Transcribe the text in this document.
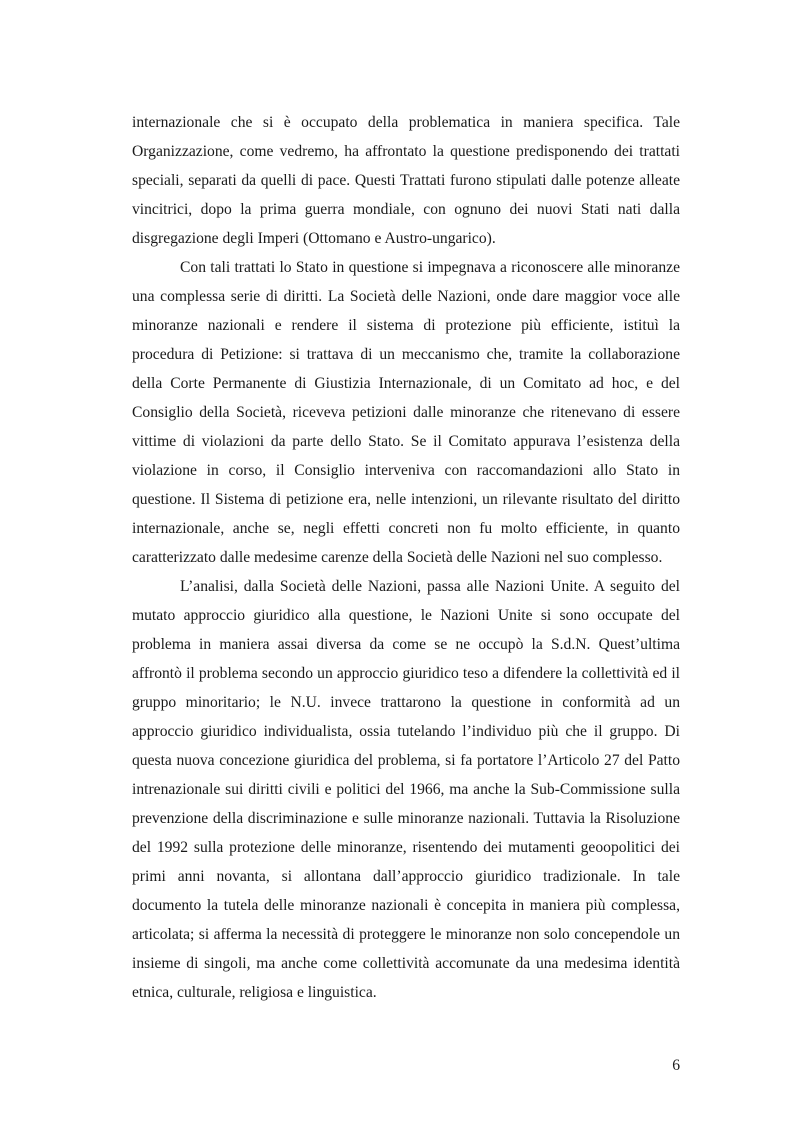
internazionale che si è occupato della problematica in maniera specifica. Tale Organizzazione, come vedremo, ha affrontato la questione predisponendo dei trattati speciali, separati da quelli di pace. Questi Trattati furono stipulati dalle potenze alleate vincitrici, dopo la prima guerra mondiale, con ognuno dei nuovi Stati nati dalla disgregazione degli Imperi (Ottomano e Austro-ungarico).

Con tali trattati lo Stato in questione si impegnava a riconoscere alle minoranze una complessa serie di diritti. La Società delle Nazioni, onde dare maggior voce alle minoranze nazionali e rendere il sistema di protezione più efficiente, istituì la procedura di Petizione: si trattava di un meccanismo che, tramite la collaborazione della Corte Permanente di Giustizia Internazionale, di un Comitato ad hoc, e del Consiglio della Società, riceveva petizioni dalle minoranze che ritenevano di essere vittime di violazioni da parte dello Stato. Se il Comitato appurava l’esistenza della violazione in corso, il Consiglio interveniva con raccomandazioni allo Stato in questione. Il Sistema di petizione era, nelle intenzioni, un rilevante risultato del diritto internazionale, anche se, negli effetti concreti non fu molto efficiente, in quanto caratterizzato dalle medesime carenze della Società delle Nazioni nel suo complesso.

L’analisi, dalla Società delle Nazioni, passa alle Nazioni Unite. A seguito del mutato approccio giuridico alla questione, le Nazioni Unite si sono occupate del problema in maniera assai diversa da come se ne occupò la S.d.N. Quest’ultima affrontò il problema secondo un approccio giuridico teso a difendere la collettività ed il gruppo minoritario; le N.U. invece trattarono la questione in conformità ad un approccio giuridico individualista, ossia tutelando l’individuo più che il gruppo. Di questa nuova concezione giuridica del problema, si fa portatore l’Articolo 27 del Patto intrenazionale sui diritti civili e politici del 1966, ma anche la Sub-Commissione sulla prevenzione della discriminazione e sulle minoranze nazionali. Tuttavia la Risoluzione del 1992 sulla protezione delle minoranze, risentendo dei mutamenti geoopolitici dei primi anni novanta, si allontana dall’approccio giuridico tradizionale. In tale documento la tutela delle minoranze nazionali è concepita in maniera più complessa, articolata; si afferma la necessità di proteggere le minoranze non solo concependole un insieme di singoli, ma anche come collettività accomunate da una medesima identità etnica, culturale, religiosa e linguistica.

6
